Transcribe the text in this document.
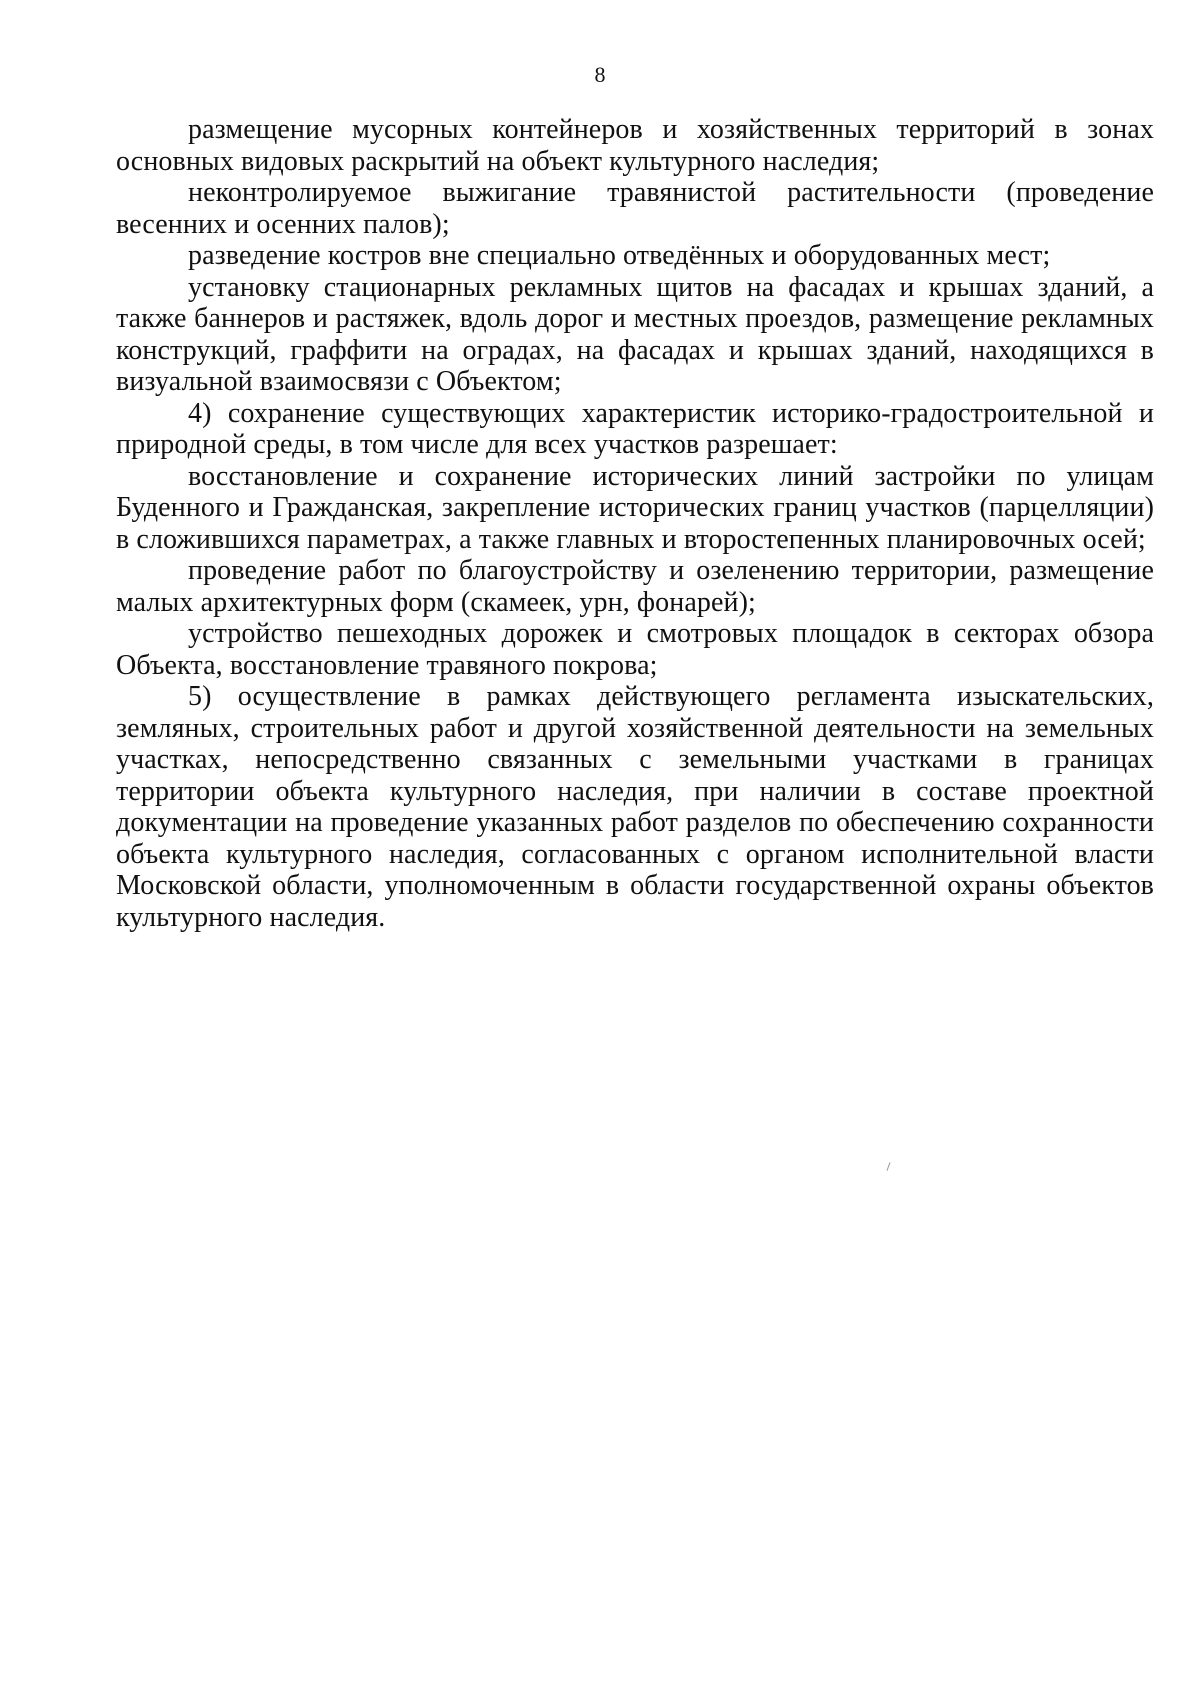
8

размещение мусорных контейнеров и хозяйственных территорий в зонах основных видовых раскрытий на объект культурного наследия;

неконтролируемое выжигание травянистой растительности (проведение весенних и осенних палов);

разведение костров вне специально отведённых и оборудованных мест;

установку стационарных рекламных щитов на фасадах и крышах зданий, а также баннеров и растяжек, вдоль дорог и местных проездов, размещение рекламных конструкций, граффити на оградах, на фасадах и крышах зданий, находящихся в визуальной взаимосвязи с Объектом;

4) сохранение существующих характеристик историко-градостроительной и природной среды, в том числе для всех участков разрешает:

восстановление и сохранение исторических линий застройки по улицам Буденного и Гражданская, закрепление исторических границ участков (парцелляции) в сложившихся параметрах, а также главных и второстепенных планировочных осей;

проведение работ по благоустройству и озеленению территории, размещение малых архитектурных форм (скамеек, урн, фонарей);

устройство пешеходных дорожек и смотровых площадок в секторах обзора Объекта, восстановление травяного покрова;

5) осуществление в рамках действующего регламента изыскательских, земляных, строительных работ и другой хозяйственной деятельности на земельных участках, непосредственно связанных с земельными участками в границах территории объекта культурного наследия, при наличии в составе проектной документации на проведение указанных работ разделов по обеспечению сохранности объекта культурного наследия, согласованных с органом исполнительной власти Московской области, уполномоченным в области государственной охраны объектов культурного наследия.
